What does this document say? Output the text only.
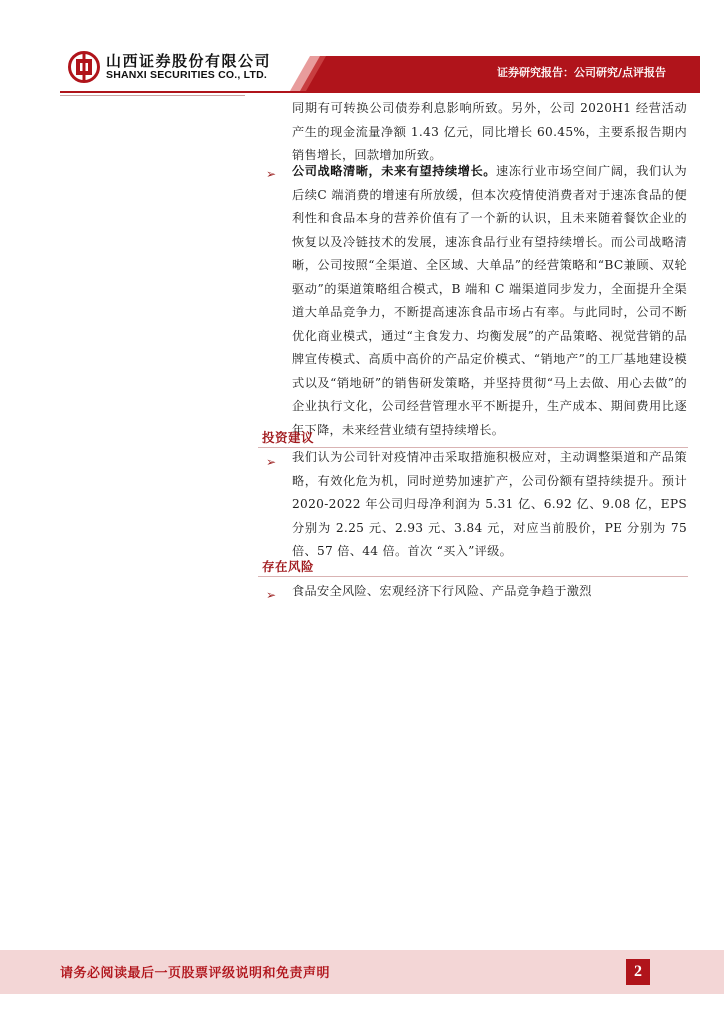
山西证券股份有限公司
SHANXI SECURITIES CO., LTD.	证券研究报告：公司研究/点评报告
同期有可转换公司债券利息影响所致。另外，公司 2020H1 经营活动产生的现金流量净额 1.43 亿元，同比增长 60.45%，主要系报告期内销售增长，回款增加所致。
➢ 公司战略清晰，未来有望持续增长。速冻行业市场空间广阔，我们认为后续C 端消费的增速有所放缓，但本次疫情使消费者对于速冻食品的便利性和食品本身的营养价值有了一个新的认识，且未来随着餐饮企业的恢复以及冷链技术的发展，速冻食品行业有望持续增长。而公司战略清晰，公司按照“全渠道、全区域、大单品”的经营策略和“BC兼顾、双轮驱动”的渠道策略组合模式，B 端和 C 端渠道同步发力，全面提升全渠道大单品竞争力，不断提高速冻食品市场占有率。与此同时，公司不断优化商业模式，通过“主食发力、均衡发展”的产品策略、视觉营销的品牌宣传模式、高质中高价的产品定价模式、“销地产”的工厂基地建设模式以及“销地研”的销售研发策略，并坚持贯彻“马上去做、用心去做”的企业执行文化，公司经营管理水平不断提升，生产成本、期间费用比逐年下降，未来经营业绩有望持续增长。
投资建议
➢ 我们认为公司针对疫情冲击采取措施积极应对，主动调整渠道和产品策略，有效化危为机，同时逆势加速扩产，公司份额有望持续提升。预计 2020-2022 年公司归母净利润为 5.31 亿、6.92 亿、9.08 亿，EPS分别为 2.25 元、2.93 元、3.84 元，对应当前股价，PE 分别为 75 倍、57 倍、44 倍。首次 “买入”评级。
存在风险
➢ 食品安全风险、宏观经济下行风险、产品竞争趋于激烈
请务必阅读最后一页股票评级说明和免责声明	2
